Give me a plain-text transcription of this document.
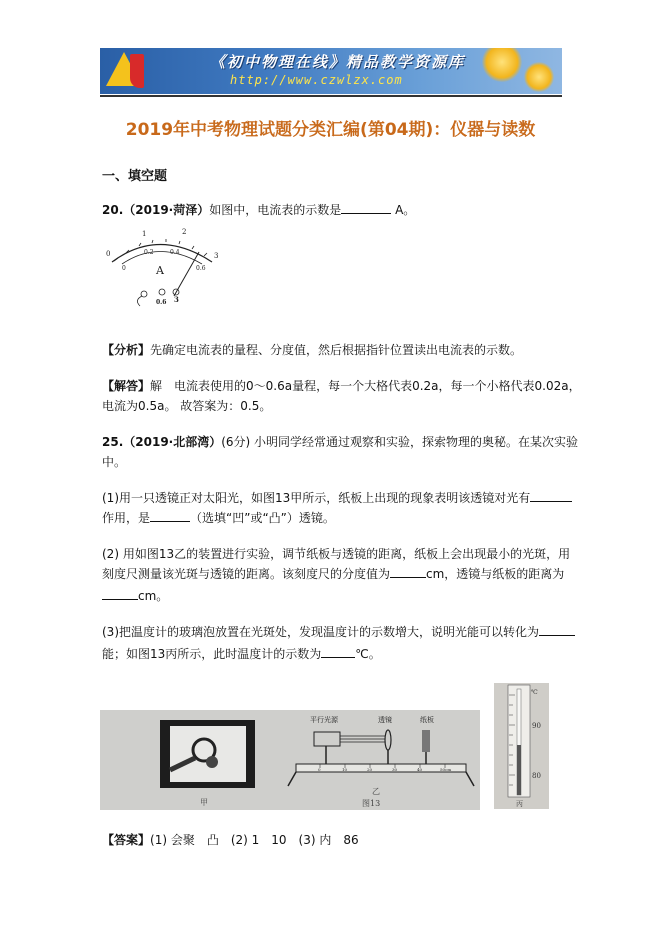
《初中物理在线》精品教学资源库
http://www.czwlzx.com
2019年中考物理试题分类汇编(第04期)：仪器与读数
一、填空题
20.（2019·菏泽）如图中，电流表的示数是	A。
0
1	2
3
0
0.2	0.4
0.6
A
0.6 3
【分析】先确定电流表的量程、分度值，然后根据指针位置读出电流表的示数。
【解答】解　电流表使用的0～0.6a量程，每一个大格代表0.2a，每一个小格代表0.02a，
电流为0.5a。 故答案为：0.5。
25.（2019·北部湾）(6分) 小明同学经常通过观察和实验，探索物理的奥秘。在某次实验
中。
(1)用一只透镜正对太阳光，如图13甲所示，纸板上出现的现象表明该透镜对光有
作用，是	（选填“凹”或“凸”）透镜。
(2) 用如图13乙的装置进行实验，调节纸板与透镜的距离，纸板上会出现最小的光斑，用
刻度尺测量该光斑与透镜的距离。该刻度尺的分度值为	cm，透镜与纸板的距离为
cm。
(3)把温度计的玻璃泡放置在光斑处，发现温度计的示数增大，说明光能可以转化为
能；如图13丙所示，此时温度计的示数为	℃。
甲
平行光源	透镜	纸板
0	10	20	30	40	50cm
乙
图13
℃
90
80
丙
【答案】(1) 会聚　凸　(2) 1　10　(3) 内　86
